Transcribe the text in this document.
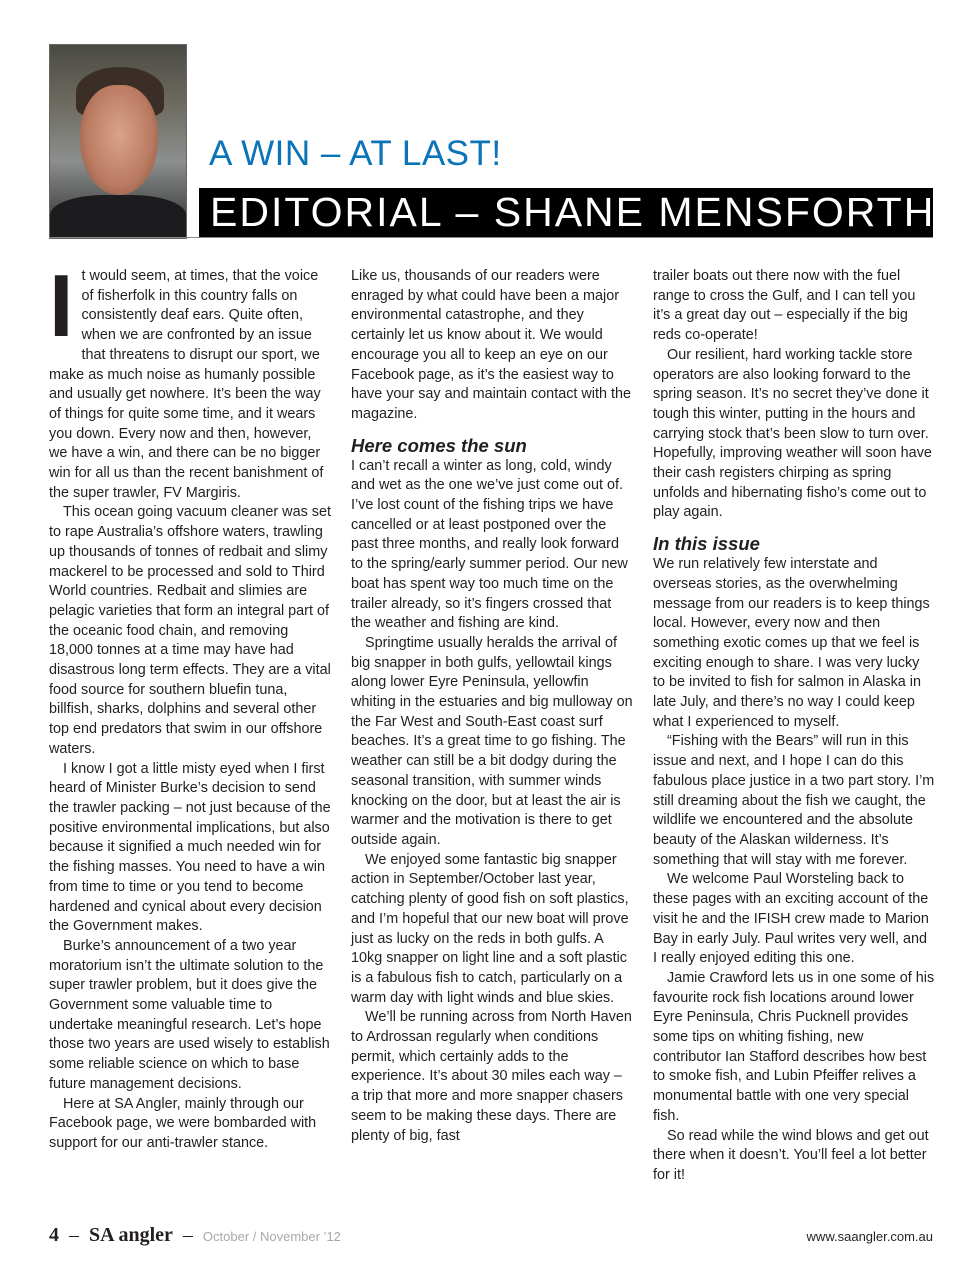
A WIN – AT LAST!
EDITORIAL – SHANE MENSFORTH
I t would seem, at times, that the voice of fisherfolk in this country falls on consistently deaf ears. Quite often, when we are confronted by an issue that threatens to disrupt our sport, we make as much noise as humanly possible and usually get nowhere. It’s been the way of things for quite some time, and it wears you down. Every now and then, however, we have a win, and there can be no bigger win for all us than the recent banishment of the super trawler, FV Margiris.

This ocean going vacuum cleaner was set to rape Australia’s offshore waters, trawling up thousands of tonnes of redbait and slimy mackerel to be processed and sold to Third World countries. Redbait and slimies are pelagic varieties that form an integral part of the oceanic food chain, and removing 18,000 tonnes at a time may have had disastrous long term effects. They are a vital food source for southern bluefin tuna, billfish, sharks, dolphins and several other top end predators that swim in our offshore waters.

I know I got a little misty eyed when I first heard of Minister Burke’s decision to send the trawler packing – not just because of the positive environmental implications, but also because it signified a much needed win for the fishing masses. You need to have a win from time to time or you tend to become hardened and cynical about every decision the Government makes.

Burke’s announcement of a two year moratorium isn’t the ultimate solution to the super trawler problem, but it does give the Government some valuable time to undertake meaningful research. Let’s hope those two years are used wisely to establish some reliable science on which to base future management decisions.

Here at SA Angler, mainly through our Facebook page, we were bombarded with support for our anti-trawler stance.

Like us, thousands of our readers were enraged by what could have been a major environmental catastrophe, and they certainly let us know about it. We would encourage you all to keep an eye on our Facebook page, as it’s the easiest way to have your say and maintain contact with the magazine.

Here comes the sun

I can’t recall a winter as long, cold, windy and wet as the one we’ve just come out of. I’ve lost count of the fishing trips we have cancelled or at least postponed over the past three months, and really look forward to the spring/early summer period. Our new boat has spent way too much time on the trailer already, so it’s fingers crossed that the weather and fishing are kind.

Springtime usually heralds the arrival of big snapper in both gulfs, yellowtail kings along lower Eyre Peninsula, yellowfin whiting in the estuaries and big mulloway on the Far West and South-East coast surf beaches. It’s a great time to go fishing. The weather can still be a bit dodgy during the seasonal transition, with summer winds knocking on the door, but at least the air is warmer and the motivation is there to get outside again.

We enjoyed some fantastic big snapper action in September/October last year, catching plenty of good fish on soft plastics, and I’m hopeful that our new boat will prove just as lucky on the reds in both gulfs. A 10kg snapper on light line and a soft plastic is a fabulous fish to catch, particularly on a warm day with light winds and blue skies.

We’ll be running across from North Haven to Ardrossan regularly when conditions permit, which certainly adds to the experience. It’s about 30 miles each way – a trip that more and more snapper chasers seem to be making these days. There are plenty of big, fast

trailer boats out there now with the fuel range to cross the Gulf, and I can tell you it’s a great day out – especially if the big reds co-operate!

Our resilient, hard working tackle store operators are also looking forward to the spring season. It’s no secret they’ve done it tough this winter, putting in the hours and carrying stock that’s been slow to turn over. Hopefully, improving weather will soon have their cash registers chirping as spring unfolds and hibernating fisho’s come out to play again.

In this issue

We run relatively few interstate and overseas stories, as the overwhelming message from our readers is to keep things local. However, every now and then something exotic comes up that we feel is exciting enough to share. I was very lucky to be invited to fish for salmon in Alaska in late July, and there’s no way I could keep what I experienced to myself.

“Fishing with the Bears” will run in this issue and next, and I hope I can do this fabulous place justice in a two part story. I’m still dreaming about the fish we caught, the wildlife we encountered and the absolute beauty of the Alaskan wilderness. It’s something that will stay with me forever.

We welcome Paul Worsteling back to these pages with an exciting account of the visit he and the IFISH crew made to Marion Bay in early July. Paul writes very well, and I really enjoyed editing this one.

Jamie Crawford lets us in one some of his favourite rock fish locations around lower Eyre Peninsula, Chris Pucknell provides some tips on whiting fishing, new contributor Ian Stafford describes how best to smoke fish, and Lubin Pfeiffer relives a monumental battle with one very special fish.

So read while the wind blows and get out there when it doesn’t. You’ll feel a lot better for it!

4 – SA angler – October / November ’12	www.saangler.com.au
